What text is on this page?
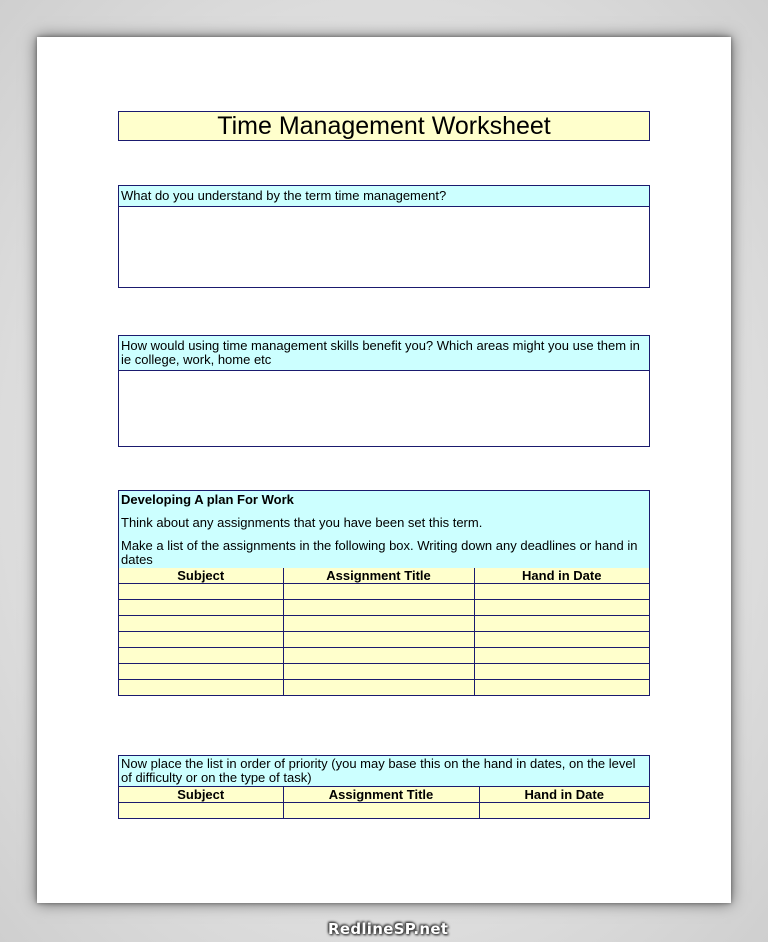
Time Management Worksheet
What do you understand by the term time management?
How would using time management skills benefit you? Which areas might you use them in ie college, work, home etc

Developing A plan For Work

Think about any assignments that you have been set this term.

Make a list of the assignments in the following box. Writing down any deadlines or hand in dates

Subject	Assignment Title	Hand in Date

Now place the list in order of priority (you may base this on the hand in dates, on the level of difficulty or on the type of task)
Subject	Assignment Title	Hand in Date

RedlineSP.net
